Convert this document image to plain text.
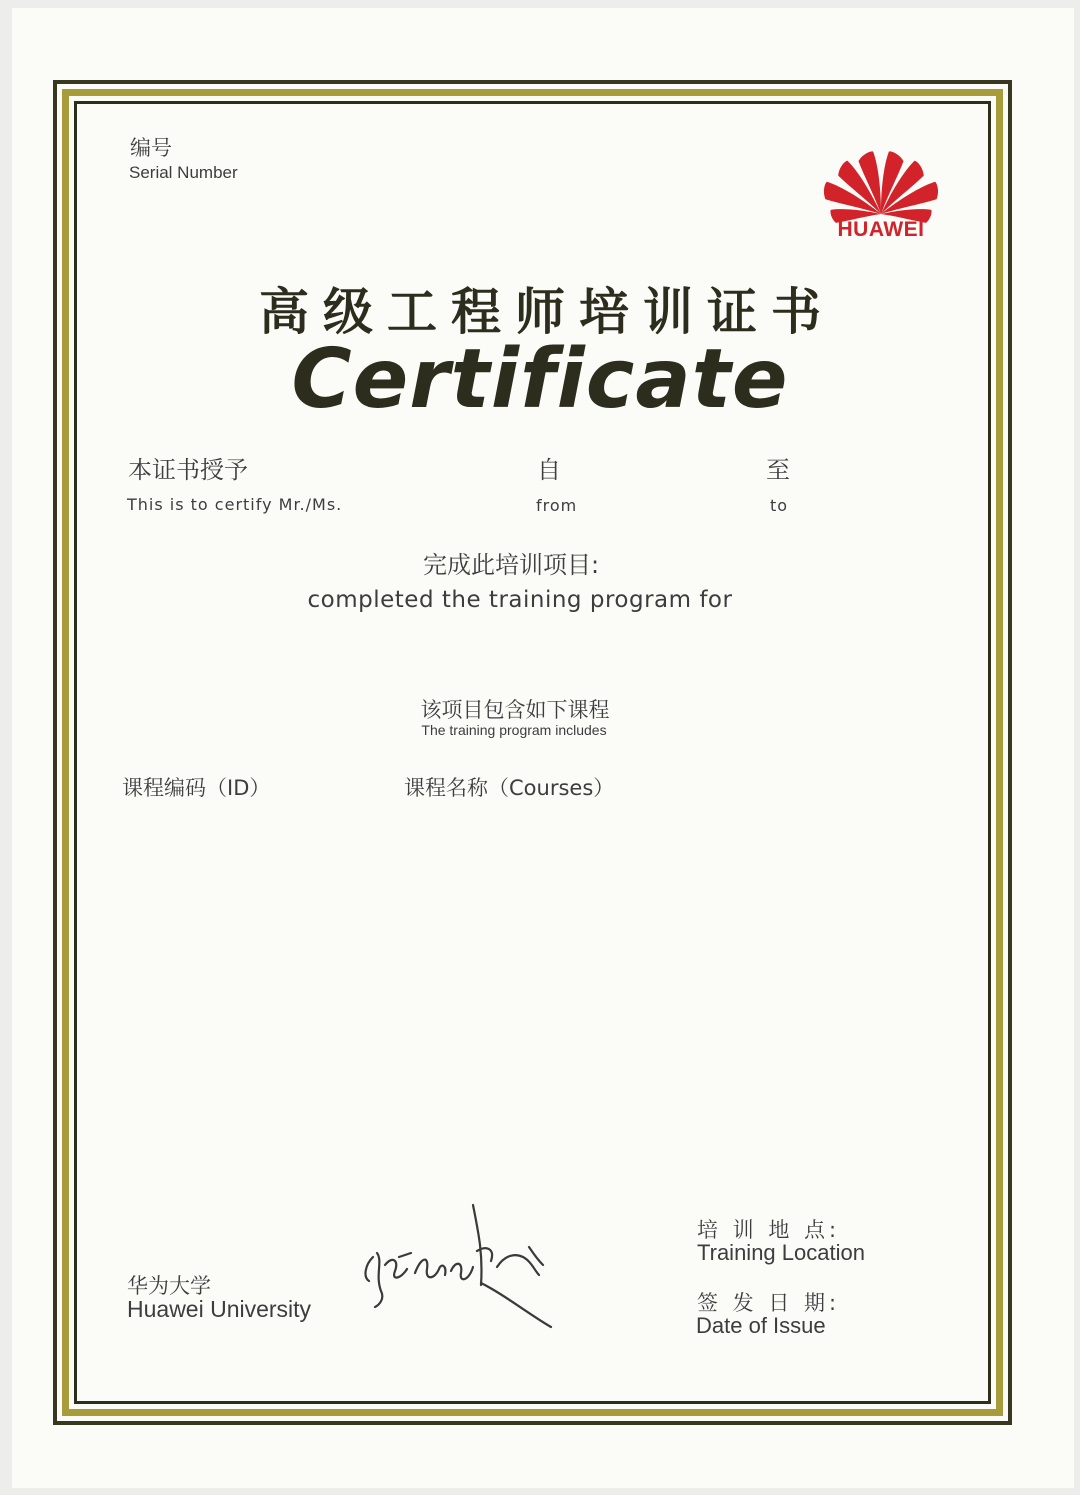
编号
Serial Number
HUAWEI
高级工程师培训证书
Certificate
本证书授予
This is to certify Mr./Ms.
自
from
至
to
完成此培训项目:
completed the training program for
该项目包含如下课程
The training program includes
课程编码（ID）	课程名称（Courses）
华为大学
Huawei University
培 训 地 点:
Training Location
签 发 日 期:
Date of Issue
